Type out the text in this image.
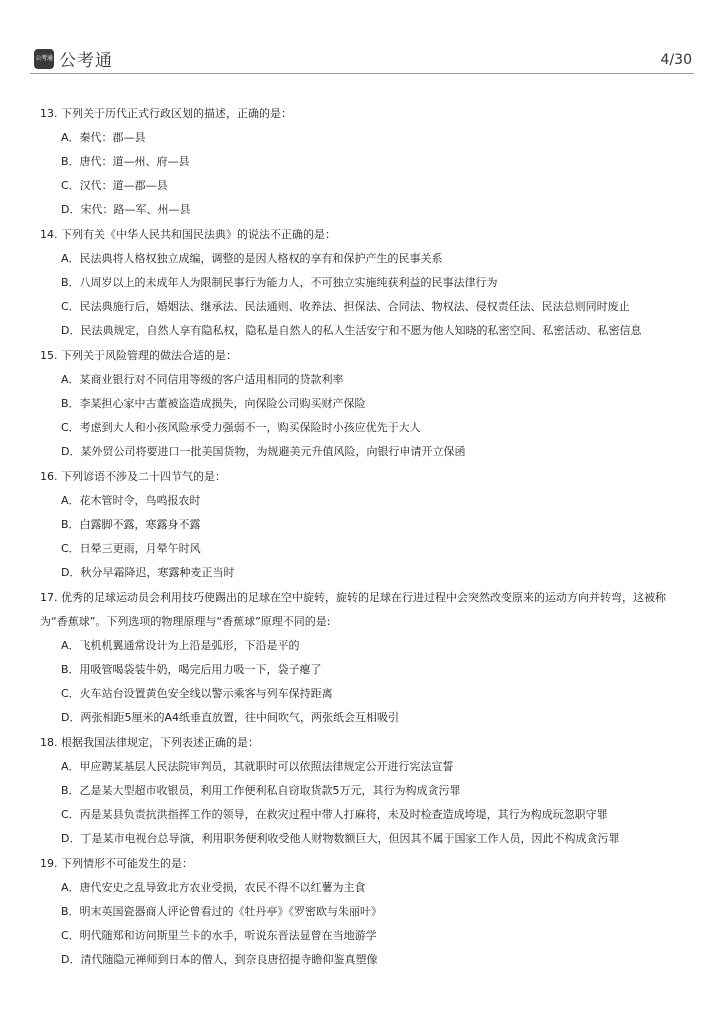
公考通 公考通	4/30
13. 下列关于历代正式行政区划的描述，正确的是：
A．秦代：郡—县
B．唐代：道—州、府—县
C．汉代：道—郡—县
D．宋代：路—军、州—县
14. 下列有关《中华人民共和国民法典》的说法不正确的是：
A．民法典将人格权独立成编，调整的是因人格权的享有和保护产生的民事关系
B．八周岁以上的未成年人为限制民事行为能力人，不可独立实施纯获利益的民事法律行为
C．民法典施行后，婚姻法、继承法、民法通则、收养法、担保法、合同法、物权法、侵权责任法、民法总则同时废止
D．民法典规定，自然人享有隐私权，隐私是自然人的私人生活安宁和不愿为他人知晓的私密空间、私密活动、私密信息
15. 下列关于风险管理的做法合适的是：
A．某商业银行对不同信用等级的客户适用相同的贷款利率
B．李某担心家中古董被盗造成损失，向保险公司购买财产保险
C．考虑到大人和小孩风险承受力强弱不一，购买保险时小孩应优先于大人
D．某外贸公司将要进口一批美国货物，为规避美元升值风险，向银行申请开立保函
16. 下列谚语不涉及二十四节气的是：
A．花木管时令，鸟鸣报农时
B．白露脚不露，寒露身不露
C．日晕三更雨，月晕午时风
D．秋分早霜降迟，寒露种麦正当时
17. 优秀的足球运动员会利用技巧使踢出的足球在空中旋转，旋转的足球在行进过程中会突然改变原来的运动方向并转弯，这被称为“香蕉球”。下列选项的物理原理与“香蕉球”原理不同的是:
A．飞机机翼通常设计为上沿是弧形，下沿是平的
B．用吸管喝袋装牛奶，喝完后用力吸一下，袋子瘪了
C．火车站台设置黄色安全线以警示乘客与列车保持距离
D．两张相距5厘米的A4纸垂直放置，往中间吹气，两张纸会互相吸引
18. 根据我国法律规定，下列表述正确的是：
A．甲应聘某基层人民法院审判员，其就职时可以依照法律规定公开进行宪法宣誓
B．乙是某大型超市收银员，利用工作便利私自窃取货款5万元，其行为构成贪污罪
C．丙是某县负责抗洪指挥工作的领导，在救灾过程中带人打麻将，未及时检查造成垮堤，其行为构成玩忽职守罪
D．丁是某市电视台总导演，利用职务便利收受他人财物数额巨大，但因其不属于国家工作人员，因此不构成贪污罪
19. 下列情形不可能发生的是：
A．唐代安史之乱导致北方农业受损，农民不得不以红薯为主食
B．明末英国瓷器商人评论曾看过的《牡丹亭》《罗密欧与朱丽叶》
C．明代随郑和访问斯里兰卡的水手，听说东晋法显曾在当地游学
D．清代随隐元禅师到日本的僧人，到奈良唐招提寺瞻仰鉴真塑像
